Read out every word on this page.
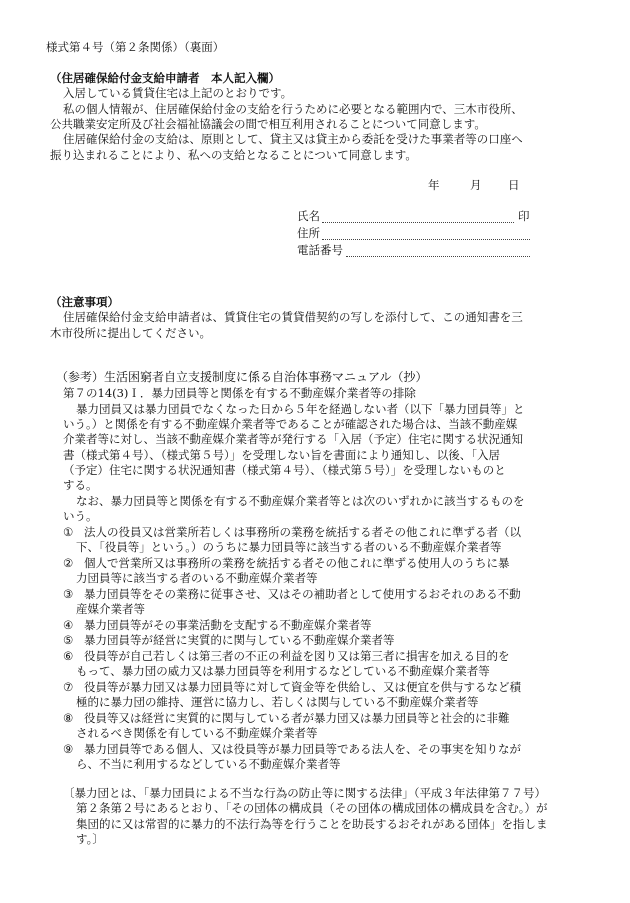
様式第４号（第２条関係）（裏面）

（住居確保給付金支給申請者　本人記入欄）

入居している賃貸住宅は上記のとおりです。

私の個人情報が、住居確保給付金の支給を行うために必要となる範囲内で、三木市役所、

公共職業安定所及び社会福祉協議会の間で相互利用されることについて同意します。

住居確保給付金の支給は、原則として、貸主又は貸主から委託を受けた事業者等の口座へ

振り込まれることにより、私への支給となることについて同意します。

年	月 日
氏名	印
住所
電話番号

（注意事項）

住居確保給付金支給申請者は、賃貸住宅の賃貸借契約の写しを添付して、この通知書を三

木市役所に提出してください。

（参考）生活困窮者自立支援制度に係る自治体事務マニュアル（抄）

第７の14(3)Ｉ．暴力団員等と関係を有する不動産媒介業者等の排除

暴力団員又は暴力団員でなくなった日から５年を経過しない者（以下「暴力団員等」と

いう。）と関係を有する不動産媒介業者等であることが確認された場合は、当該不動産媒

介業者等に対し、当該不動産媒介業者等が発行する「入居（予定）住宅に関する状況通知

書（様式第４号）、（様式第５号）」を受理しない旨を書面により通知し、以後、「入居

（予定）住宅に関する状況通知書（様式第４号）、（様式第５号）」を受理しないものと

する。

なお、暴力団員等と関係を有する不動産媒介業者等とは次のいずれかに該当するものを

いう。

① 法人の役員又は営業所若しくは事務所の業務を統括する者その他これに準ずる者（以
下、「役員等」という。）のうちに暴力団員等に該当する者のいる不動産媒介業者等
② 個人で営業所又は事務所の業務を統括する者その他これに準ずる使用人のうちに暴
力団員等に該当する者のいる不動産媒介業者等
③ 暴力団員等をその業務に従事させ、又はその補助者として使用するおそれのある不動
産媒介業者等
④ 暴力団員等がその事業活動を支配する不動産媒介業者等
⑤ 暴力団員等が経営に実質的に関与している不動産媒介業者等
⑥ 役員等が自己若しくは第三者の不正の利益を図り又は第三者に損害を加える目的を
もって、暴力団の威力又は暴力団員等を利用するなどしている不動産媒介業者等
⑦ 役員等が暴力団又は暴力団員等に対して資金等を供給し、又は便宜を供与するなど積
極的に暴力団の維持、運営に協力し、若しくは関与している不動産媒介業者等
⑧ 役員等又は経営に実質的に関与している者が暴力団又は暴力団員等と社会的に非難
されるべき関係を有している不動産媒介業者等
⑨ 暴力団員等である個人、又は役員等が暴力団員等である法人を、その事実を知りなが
ら、不当に利用するなどしている不動産媒介業者等

〔暴力団とは、「暴力団員による不当な行為の防止等に関する法律」（平成３年法律第７７号）

第２条第２号にあるとおり、「その団体の構成員（その団体の構成団体の構成員を含む。）が

集団的に又は常習的に暴力的不法行為等を行うことを助長するおそれがある団体」を指しま

す。〕
